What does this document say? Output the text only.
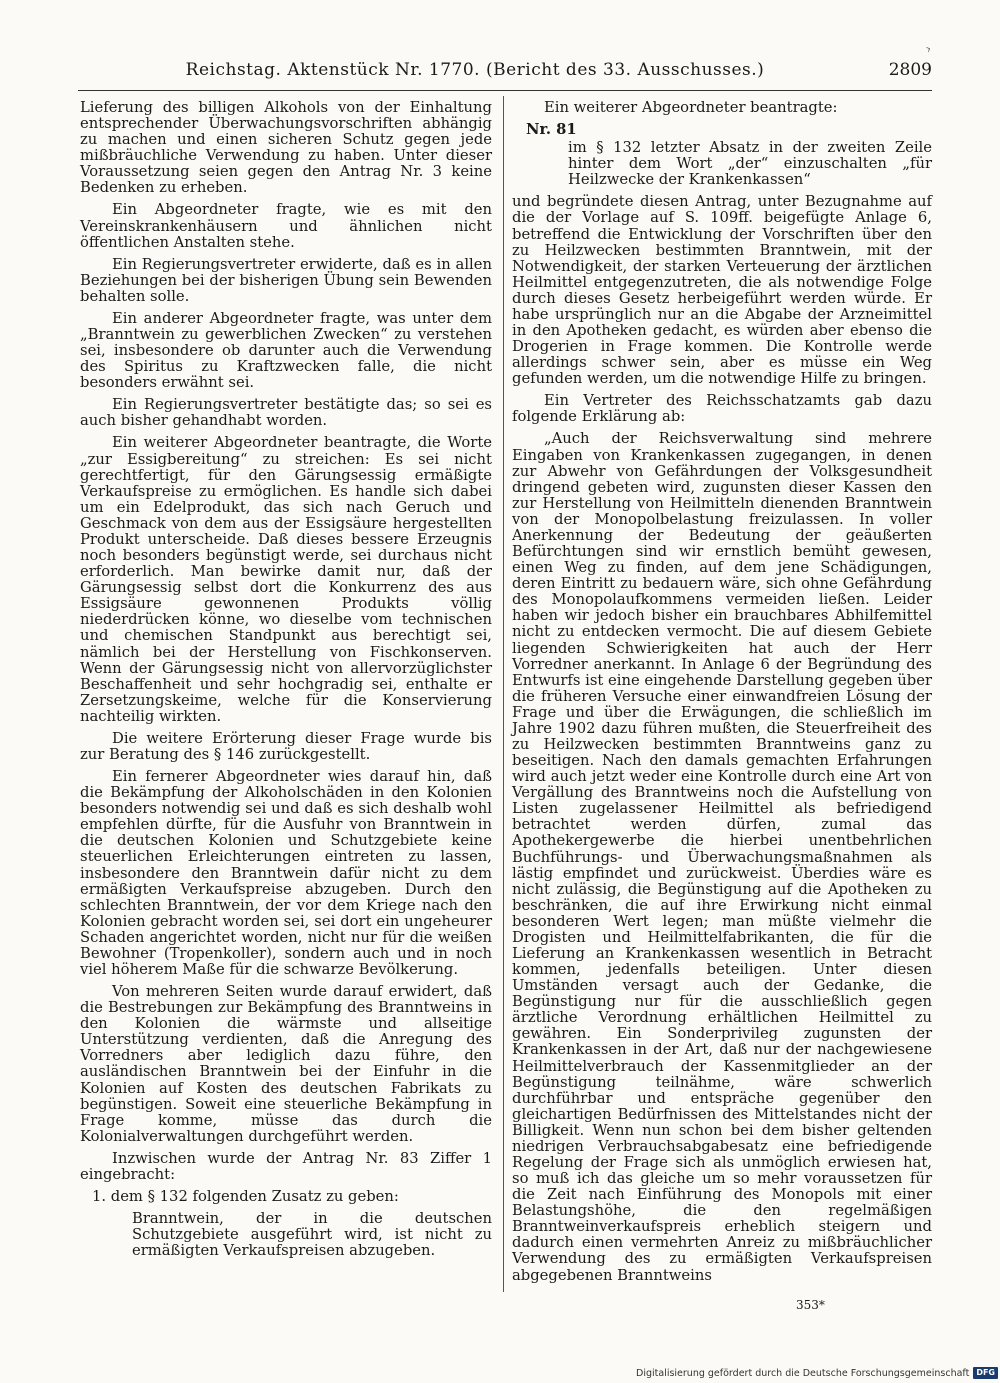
›
Reichstag. Aktenstück Nr. 1770. (Bericht des 33. Ausschusses.)	2809

Lieferung des billigen Alkohols von der Einhaltung entsprechender Überwachungsvorschriften abhängig zu machen und einen sicheren Schutz gegen jede mißbräuchliche Verwendung zu haben. Unter dieser Voraussetzung seien gegen den Antrag Nr. 3 keine Bedenken zu erheben.

Ein Abgeordneter fragte, wie es mit den Vereinskrankenhäusern und ähnlichen nicht öffentlichen Anstalten stehe.

Ein Regierungsvertreter erwiderte, daß es in allen Beziehungen bei der bisherigen Übung sein Bewenden behalten solle.

Ein anderer Abgeordneter fragte, was unter dem „Branntwein zu gewerblichen Zwecken“ zu verstehen sei, insbesondere ob darunter auch die Verwendung des Spiritus zu Kraftzwecken falle, die nicht besonders erwähnt sei.

Ein Regierungsvertreter bestätigte das; so sei es auch bisher gehandhabt worden.

Ein weiterer Abgeordneter beantragte, die Worte „zur Essigbereitung“ zu streichen: Es sei nicht gerechtfertigt, für den Gärungsessig ermäßigte Verkaufspreise zu ermöglichen. Es handle sich dabei um ein Edelprodukt, das sich nach Geruch und Geschmack von dem aus der Essigsäure hergestellten Produkt unterscheide. Daß dieses bessere Erzeugnis noch besonders begünstigt werde, sei durchaus nicht erforderlich. Man bewirke damit nur, daß der Gärungsessig selbst dort die Konkurrenz des aus Essigsäure gewonnenen Produkts völlig niederdrücken könne, wo dieselbe vom technischen und chemischen Standpunkt aus berechtigt sei, nämlich bei der Herstellung von Fischkonserven. Wenn der Gärungsessig nicht von allervorzüglichster Beschaffenheit und sehr hochgradig sei, enthalte er Zersetzungskeime, welche für die Konservierung nachteilig wirkten.

Die weitere Erörterung dieser Frage wurde bis zur Beratung des § 146 zurückgestellt.

Ein fernerer Abgeordneter wies darauf hin, daß die Bekämpfung der Alkoholschäden in den Kolonien besonders notwendig sei und daß es sich deshalb wohl empfehlen dürfte, für die Ausfuhr von Branntwein in die deutschen Kolonien und Schutzgebiete keine steuerlichen Erleichterungen eintreten zu lassen, insbesondere den Branntwein dafür nicht zu dem ermäßigten Verkaufspreise abzugeben. Durch den schlechten Branntwein, der vor dem Kriege nach den Kolonien gebracht worden sei, sei dort ein ungeheurer Schaden angerichtet worden, nicht nur für die weißen Bewohner (Tropenkoller), sondern auch und in noch viel höherem Maße für die schwarze Bevölkerung.

Von mehreren Seiten wurde darauf erwidert, daß die Bestrebungen zur Bekämpfung des Branntweins in den Kolonien die wärmste und allseitige Unterstützung verdienten, daß die Anregung des Vorredners aber lediglich dazu führe, den ausländischen Branntwein bei der Einfuhr in die Kolonien auf Kosten des deutschen Fabrikats zu begünstigen. Soweit eine steuerliche Bekämpfung in Frage komme, müsse das durch die Kolonialverwaltungen durchgeführt werden.

Inzwischen wurde der Antrag Nr. 83 Ziffer 1 eingebracht:

1. dem § 132 folgenden Zusatz zu geben:

Branntwein, der in die deutschen Schutzgebiete ausgeführt wird, ist nicht zu ermäßigten Verkaufspreisen abzugeben.

Ein weiterer Abgeordneter beantragte:

Nr. 81

im § 132 letzter Absatz in der zweiten Zeile hinter dem Wort „der“ einzuschalten „für Heilzwecke der Krankenkassen“

und begründete diesen Antrag, unter Bezugnahme auf die der Vorlage auf S. 109ff. beigefügte Anlage 6, betreffend die Entwicklung der Vorschriften über den zu Heilzwecken bestimmten Branntwein, mit der Notwendigkeit, der starken Verteuerung der ärztlichen Heilmittel entgegenzutreten, die als notwendige Folge durch dieses Gesetz herbeigeführt werden würde. Er habe ursprünglich nur an die Abgabe der Arzneimittel in den Apotheken gedacht, es würden aber ebenso die Drogerien in Frage kommen. Die Kontrolle werde allerdings schwer sein, aber es müsse ein Weg gefunden werden, um die notwendige Hilfe zu bringen.

Ein Vertreter des Reichsschatzamts gab dazu folgende Erklärung ab:

„Auch der Reichsverwaltung sind mehrere Eingaben von Krankenkassen zugegangen, in denen zur Abwehr von Gefährdungen der Volksgesundheit dringend gebeten wird, zugunsten dieser Kassen den zur Herstellung von Heilmitteln dienenden Branntwein von der Monopolbelastung freizulassen. In voller Anerkennung der Bedeutung der geäußerten Befürchtungen sind wir ernstlich bemüht gewesen, einen Weg zu finden, auf dem jene Schädigungen, deren Eintritt zu bedauern wäre, sich ohne Gefährdung des Monopolaufkommens vermeiden ließen. Leider haben wir jedoch bisher ein brauchbares Abhilfemittel nicht zu entdecken vermocht. Die auf diesem Gebiete liegenden Schwierigkeiten hat auch der Herr Vorredner anerkannt. In Anlage 6 der Begründung des Entwurfs ist eine eingehende Darstellung gegeben über die früheren Versuche einer einwandfreien Lösung der Frage und über die Erwägungen, die schließlich im Jahre 1902 dazu führen mußten, die Steuerfreiheit des zu Heilzwecken bestimmten Branntweins ganz zu beseitigen. Nach den damals gemachten Erfahrungen wird auch jetzt weder eine Kontrolle durch eine Art von Vergällung des Branntweins noch die Aufstellung von Listen zugelassener Heilmittel als befriedigend betrachtet werden dürfen, zumal das Apothekergewerbe die hierbei unentbehrlichen Buchführungs- und Überwachungsmaßnahmen als lästig empfindet und zurückweist. Überdies wäre es nicht zulässig, die Begünstigung auf die Apotheken zu beschränken, die auf ihre Erwirkung nicht einmal besonderen Wert legen; man müßte vielmehr die Drogisten und Heilmittelfabrikanten, die für die Lieferung an Krankenkassen wesentlich in Betracht kommen, jedenfalls beteiligen. Unter diesen Umständen versagt auch der Gedanke, die Begünstigung nur für die ausschließlich gegen ärztliche Verordnung erhältlichen Heilmittel zu gewähren. Ein Sonderprivileg zugunsten der Krankenkassen in der Art, daß nur der nachgewiesene Heilmittelverbrauch der Kassenmitglieder an der Begünstigung teilnähme, wäre schwerlich durchführbar und entspräche gegenüber den gleichartigen Bedürfnissen des Mittelstandes nicht der Billigkeit. Wenn nun schon bei dem bisher geltenden niedrigen Verbrauchsabgabesatz eine befriedigende Regelung der Frage sich als unmöglich erwiesen hat, so muß ich das gleiche um so mehr voraussetzen für die Zeit nach Einführung des Monopols mit einer Belastungshöhe, die den regelmäßigen Branntweinverkaufspreis erheblich steigern und dadurch einen vermehrten Anreiz zu mißbräuchlicher Verwendung des zu ermäßigten Verkaufspreisen abgegebenen Branntweins

353*
Digitalisierung gefördert durch die Deutsche Forschungsgemeinschaft DFG
